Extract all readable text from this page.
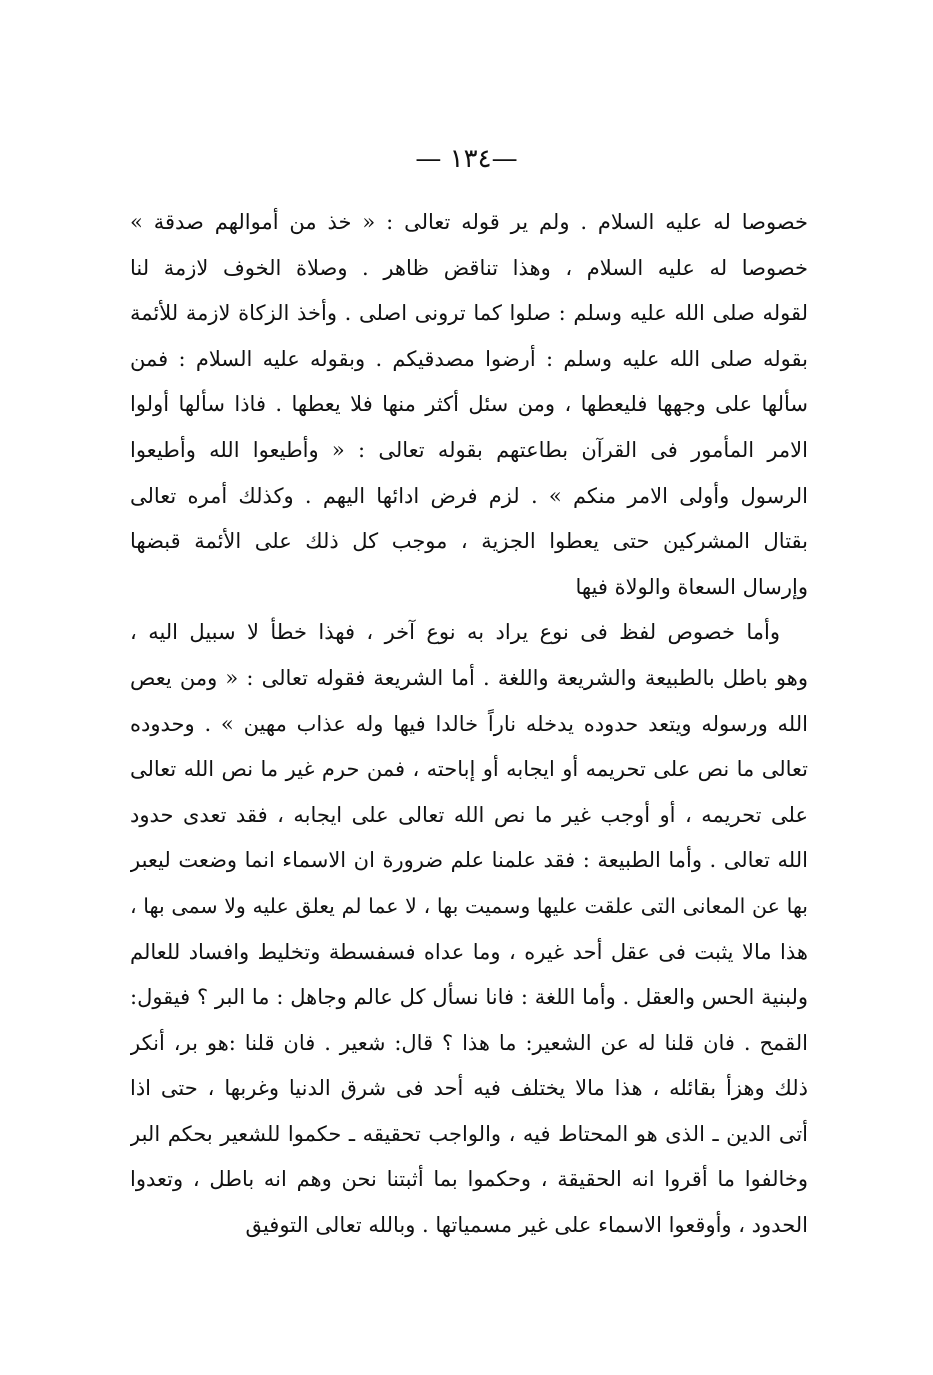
—١٣٤ —
خصوصا له عليه السلام . ولم ير قوله تعالى : « خذ من أموالهم صدقة »
خصوصا له عليه السلام ، وهذا تناقض ظاهر . وصلاة الخوف لازمة لنا
لقوله صلى الله عليه وسلم : صلوا كما ترونى اصلى . وأخذ الزكاة لازمة للأئمة
بقوله صلى الله عليه وسلم : أرضوا مصدقيكم . وبقوله عليه السلام : فمن
سألها على وجهها فليعطها ، ومن سئل أكثر منها فلا يعطها . فاذا سألها أولوا
الامر المأمور فى القرآن بطاعتهم بقوله تعالى : « وأطيعوا الله وأطيعوا
الرسول وأولى الامر منكم » . لزم فرض ادائها اليهم . وكذلك أمره تعالى
بقتال المشركين حتى يعطوا الجزية ، موجب كل ذلك على الأئمة قبضها
وإرسال السعاة والولاة فيها
وأما خصوص لفظ فى نوع يراد به نوع آخر ، فهذا خطأ لا سبيل اليه ،
وهو باطل بالطبيعة والشريعة واللغة . أما الشريعة فقوله تعالى : « ومن يعص
الله ورسوله ويتعد حدوده يدخله ناراً خالدا فيها وله عذاب مهين » . وحدوده
تعالى ما نص على تحريمه أو ايجابه أو إباحته ، فمن حرم غير ما نص الله تعالى
على تحريمه ، أو أوجب غير ما نص الله تعالى على ايجابه ، فقد تعدى حدود
الله تعالى . وأما الطبيعة : فقد علمنا علم ضرورة ان الاسماء انما وضعت ليعبر
بها عن المعانى التى علقت عليها وسميت بها ، لا عما لم يعلق عليه ولا سمى بها ،
هذا مالا يثبت فى عقل أحد غيره ، وما عداه فسفسطة وتخليط وافساد للعالم
ولبنية الحس والعقل . وأما اللغة : فانا نسأل كل عالم وجاهل : ما البر ؟ فيقول:
القمح . فان قلنا له عن الشعير: ما هذا ؟ قال: شعير . فان قلنا :هو بر، أنكر
ذلك وهزأ بقائله ، هذا مالا يختلف فيه أحد فى شرق الدنيا وغربها ، حتى اذا
أتى الدين ـ الذى هو المحتاط فيه ، والواجب تحقيقه ـ حكموا للشعير بحكم البر
وخالفوا ما أقروا انه الحقيقة ، وحكموا بما أثبتنا نحن وهم انه باطل ، وتعدوا
الحدود ، وأوقعوا الاسماء على غير مسمياتها . وبالله تعالى التوفيق
